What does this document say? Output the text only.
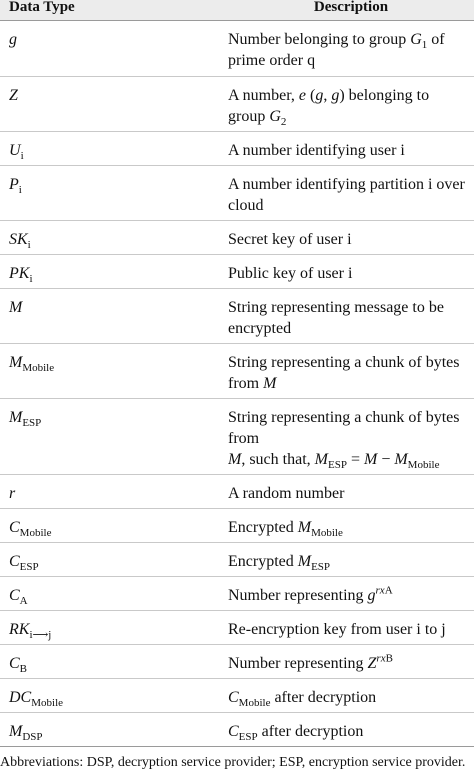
Data Type	Description
g	Number belonging to group $G_1$ of prime order q
Z	A number, e (g, g) belonging to group $G_2$
$U_i$	A number identifying user i
$P_i$	A number identifying partition i over cloud
$SK_i$	Secret key of user i
$PK_i$	Public key of user i
M	String representing message to be encrypted
$M_{Mobile}$	String representing a chunk of bytes from M
$M_{ESP}$	String representing a chunk of bytes from
M, such that, $M_{ESP} = M - M_{Mobile}$
r	A random number
$C_{Mobile}$	Encrypted $M_{Mobile}$
$C_{ESP}$	Encrypted $M_{ESP}$
$C_A$	Number representing $g^{rxA}$
$RK_{i⟶j}$	Re-encryption key from user i to j
$C_B$	Number representing $Z^{rxB}$
$DC_{Mobile}$	$C_{Mobile}$ after decryption
$M_{DSP}$	$C_{ESP}$ after decryption
Abbreviations: DSP, decryption service provider; ESP, encryption service provider.
